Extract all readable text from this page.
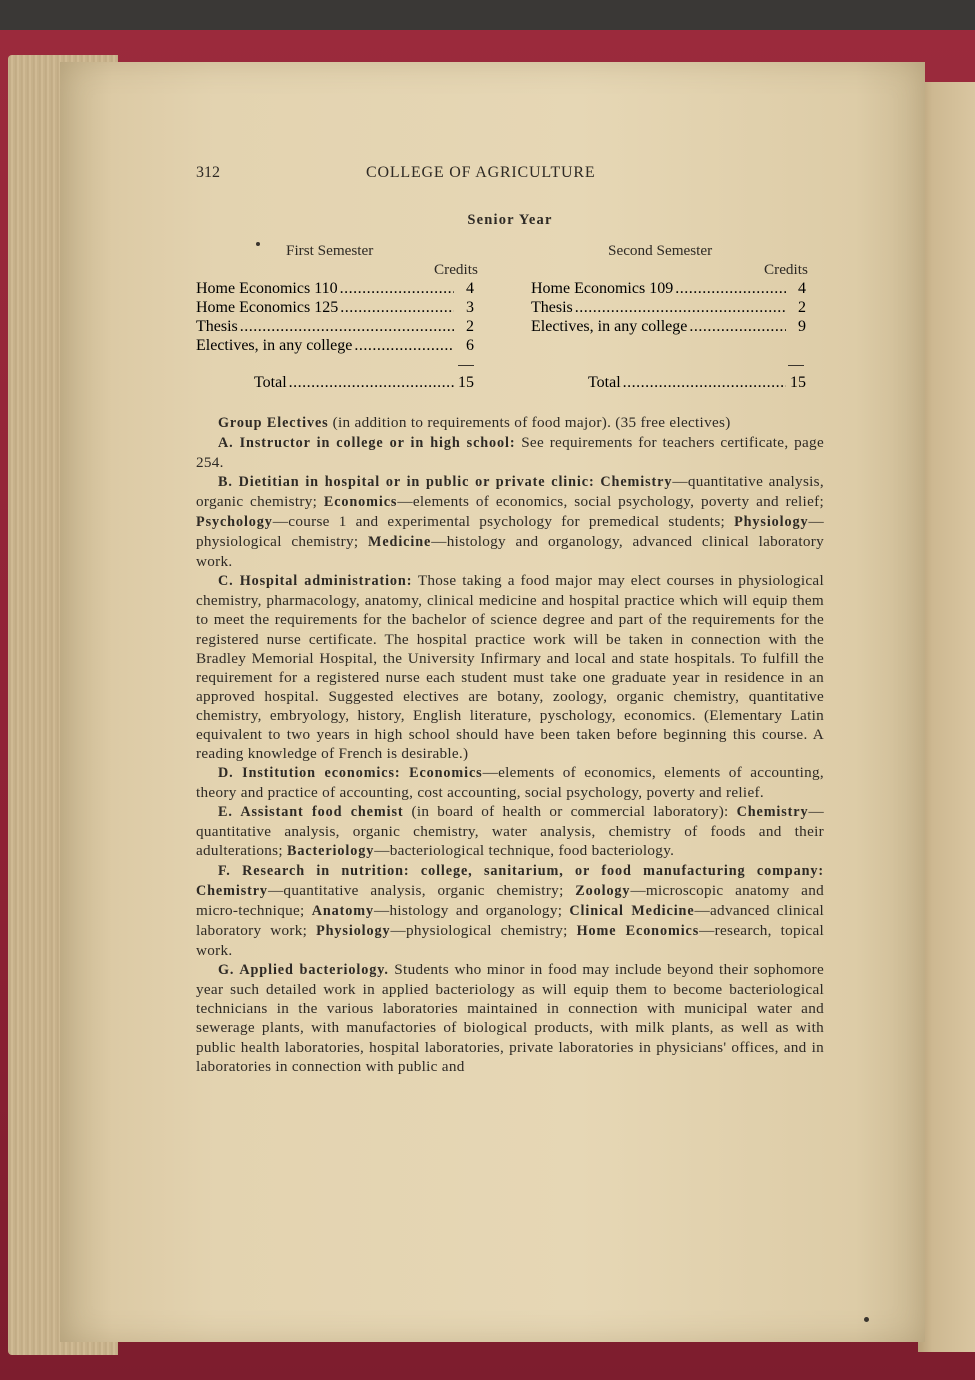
312	COLLEGE OF AGRICULTURE
Senior Year
First Semester
Credits
Home Economics 110 .....	4
Home Economics 125 .....	3
Thesis .....	2
Electives, in any college .....	6
Total .....	15
Second Semester
Credits
Home Economics 109 .....	4
Thesis .....	2
Electives, in any college .....	9
Total .....	15

Group Electives (in addition to requirements of food major). (35 free electives)

A. Instructor in college or in high school: See requirements for teachers certificate, page 254.

B. Dietitian in hospital or in public or private clinic: Chemistry—quantitative analysis, organic chemistry; Economics—elements of economics, social psychology, poverty and relief; Psychology—course 1 and experimental psychology for premedical students; Physiology—physiological chemistry; Medicine—histology and organology, advanced clinical laboratory work.

C. Hospital administration: Those taking a food major may elect courses in physiological chemistry, pharmacology, anatomy, clinical medicine and hospital practice which will equip them to meet the requirements for the bachelor of science degree and part of the requirements for the registered nurse certificate. The hospital practice work will be taken in connection with the Bradley Memorial Hospital, the University Infirmary and local and state hospitals. To fulfill the requirement for a registered nurse each student must take one graduate year in residence in an approved hospital. Suggested electives are botany, zoology, organic chemistry, quantitative chemistry, embryology, history, English literature, pyschology, economics. (Elementary Latin equivalent to two years in high school should have been taken before beginning this course. A reading knowledge of French is desirable.)

D. Institution economics: Economics—elements of economics, elements of accounting, theory and practice of accounting, cost accounting, social psychology, poverty and relief.

E. Assistant food chemist (in board of health or commercial laboratory): Chemistry—quantitative analysis, organic chemistry, water analysis, chemistry of foods and their adulterations; Bacteriology—bacteriological technique, food bacteriology.

F. Research in nutrition: college, sanitarium, or food manufacturing company: Chemistry—quantitative analysis, organic chemistry; Zoology—microscopic anatomy and micro-technique; Anatomy—histology and organology; Clinical Medicine—advanced clinical laboratory work; Physiology—physiological chemistry; Home Economics—research, topical work.

G. Applied bacteriology. Students who minor in food may include beyond their sophomore year such detailed work in applied bacteriology as will equip them to become bacteriological technicians in the various laboratories maintained in connection with municipal water and sewerage plants, with manufactories of biological products, with milk plants, as well as with public health laboratories, hospital laboratories, private laboratories in physicians' offices, and in laboratories in connection with public and
